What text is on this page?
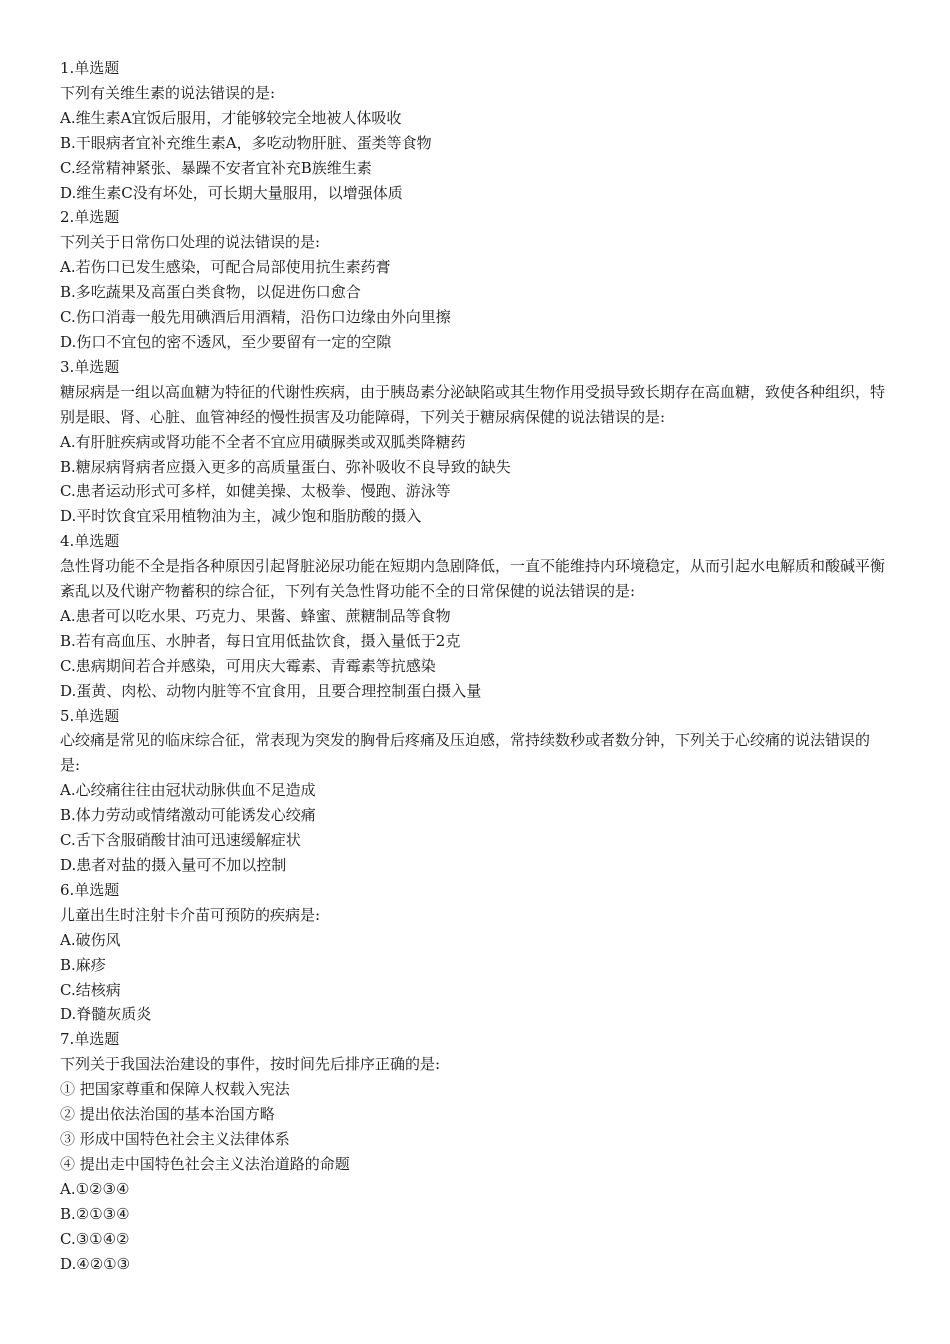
1.单选题

下列有关维生素的说法错误的是:

A.维生素A宜饭后服用，才能够较完全地被人体吸收

B.干眼病者宜补充维生素A，多吃动物肝脏、蛋类等食物

C.经常精神紧张、暴躁不安者宜补充B族维生素

D.维生素C没有坏处，可长期大量服用，以增强体质

2.单选题

下列关于日常伤口处理的说法错误的是:

A.若伤口已发生感染，可配合局部使用抗生素药膏

B.多吃蔬果及高蛋白类食物，以促进伤口愈合

C.伤口消毒一般先用碘酒后用酒精，沿伤口边缘由外向里擦

D.伤口不宜包的密不透风，至少要留有一定的空隙

3.单选题

糖尿病是一组以高血糖为特征的代谢性疾病，由于胰岛素分泌缺陷或其生物作用受损导致长期存在高血糖，致使各种组织，特别是眼、肾、心脏、血管神经的慢性损害及功能障碍，下列关于糖尿病保健的说法错误的是:

A.有肝脏疾病或肾功能不全者不宜应用磺脲类或双胍类降糖药

B.糖尿病肾病者应摄入更多的高质量蛋白、弥补吸收不良导致的缺失

C.患者运动形式可多样，如健美操、太极拳、慢跑、游泳等

D.平时饮食宜采用植物油为主，减少饱和脂肪酸的摄入

4.单选题

急性肾功能不全是指各种原因引起肾脏泌尿功能在短期内急剧降低，一直不能维持内环境稳定，从而引起水电解质和酸碱平衡紊乱以及代谢产物蓄积的综合征，下列有关急性肾功能不全的日常保健的说法错误的是:

A.患者可以吃水果、巧克力、果酱、蜂蜜、蔗糖制品等食物

B.若有高血压、水肿者，每日宜用低盐饮食，摄入量低于2克

C.患病期间若合并感染，可用庆大霉素、青霉素等抗感染

D.蛋黄、肉松、动物内脏等不宜食用，且要合理控制蛋白摄入量

5.单选题

心绞痛是常见的临床综合征，常表现为突发的胸骨后疼痛及压迫感，常持续数秒或者数分钟，下列关于心绞痛的说法错误的是:

A.心绞痛往往由冠状动脉供血不足造成

B.体力劳动或情绪激动可能诱发心绞痛

C.舌下含服硝酸甘油可迅速缓解症状

D.患者对盐的摄入量可不加以控制

6.单选题

儿童出生时注射卡介苗可预防的疾病是:

A.破伤风

B.麻疹

C.结核病

D.脊髓灰质炎

7.单选题

下列关于我国法治建设的事件，按时间先后排序正确的是:

① 把国家尊重和保障人权载入宪法

② 提出依法治国的基本治国方略

③ 形成中国特色社会主义法律体系

④ 提出走中国特色社会主义法治道路的命题

A.①②③④

B.②①③④

C.③①④②

D.④②①③
